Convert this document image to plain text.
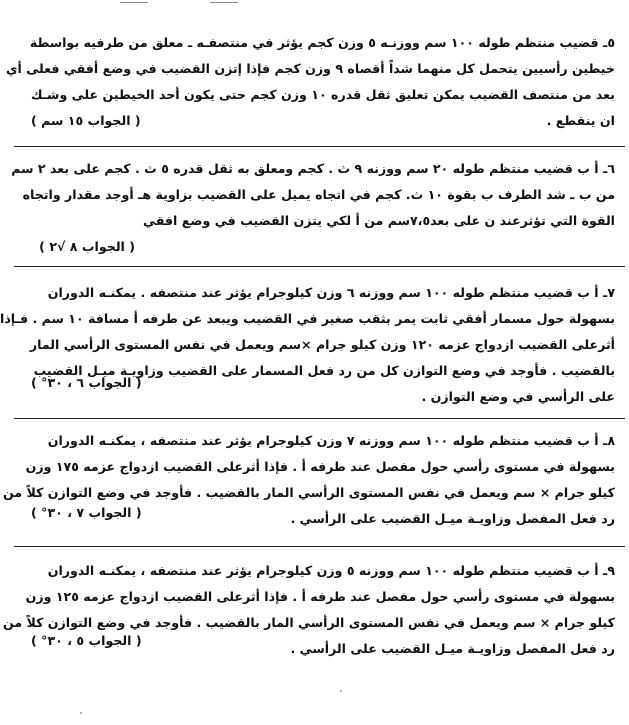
٥ـ قضيب منتظم طوله ١٠٠ سم ووزنـه ٥ وزن كجم يؤثر في منتصفـه ـ معلق من طرفيه بواسطة
خيطين رأسيين يتحمل كل منهما شداً أقصاه ٩ وزن كجم فإذا إتزن القضيب في وضع أفقي فعلى أي
بعد من منتصف القضيب يمكن تعليق ثقل قدره ١٠ وزن كجم حتى يكون أحد الخيطين على وشـك
ان ينقطع .
( الجواب ١٥ سم )
٦ـ أ ب قضيب منتظم طوله ٢٠ سم ووزنه ٩ ث . كجم ومعلق به ثقل قدره ٥ ث . كجم على بعد ٢ سم
من ب ـ شد الطرف ب بقوة ١٠ ث. كجم في اتجاه يميل على القضيب بزاوية هـ أوجد مقدار واتجاه
القوة التي تؤثرعند ن على بعد٧،٥سم من أ لكي يتزن القضيب في وضع افقي
( الجواب ٨ √٢ )
٧ـ أ ب قضيب منتظم طوله ١٠٠ سم ووزنه ٦ وزن كيلوجرام يؤثر عند منتصفه . يمكنـه الدوران
بسهولة حول مسمار أفقي ثابت يمر بثقب صغير في القضيب ويبعد عن طرفه أ مسافة ١٠ سم . فـإذا
أثرعلى القضيب ازدواج عزمه ١٢٠ وزن كيلو جرام ×سم ويعمل في نفس المستوى الرأسي المار
بالقضيب . فأوجد في وضع التوازن كل من رد فعل المسمار على القضيب وزاويـة ميـل القضيب
على الرأسي في وضع التوازن .
( الجواب ٦ ، ٣٠° )
٨ـ أ ب قضيب منتظم طوله ١٠٠ سم ووزنه ٧ وزن كيلوجرام يؤثر عند منتصفه ، يمكنـه الدوران
بسهولة في مستوى رأسي حول مفصل عند طرفه أ . فإذا أثرعلى القضيب ازدواج عزمه ١٧٥ وزن
كيلو جرام × سم ويعمل في نفس المستوى الرأسي المار بالقضيب . فأوجد في وضع التوازن كلاً من
رد فعل المفصل وزاويـة ميـل القضيب على الرأسي .
( الجواب ٧ ، ٣٠° )
٩ـ أ ب قضيب منتظم طوله ١٠٠ سم ووزنه ٥ وزن كيلوجرام يؤثر عند منتصفه ، يمكنـه الدوران
بسهولة في مستوى رأسي حول مفصل عند طرفه أ . فإذا أثرعلى القضيب ازدواج عزمه ١٢٥ وزن
كيلو جرام × سم ويعمل في نفس المستوى الرأسي المار بالقضيب . فأوجد في وضع التوازن كلاً من
رد فعل المفصل وزاويـة ميـل القضيب على الرأسي .
( الجواب ٥ ، ٣٠° )
